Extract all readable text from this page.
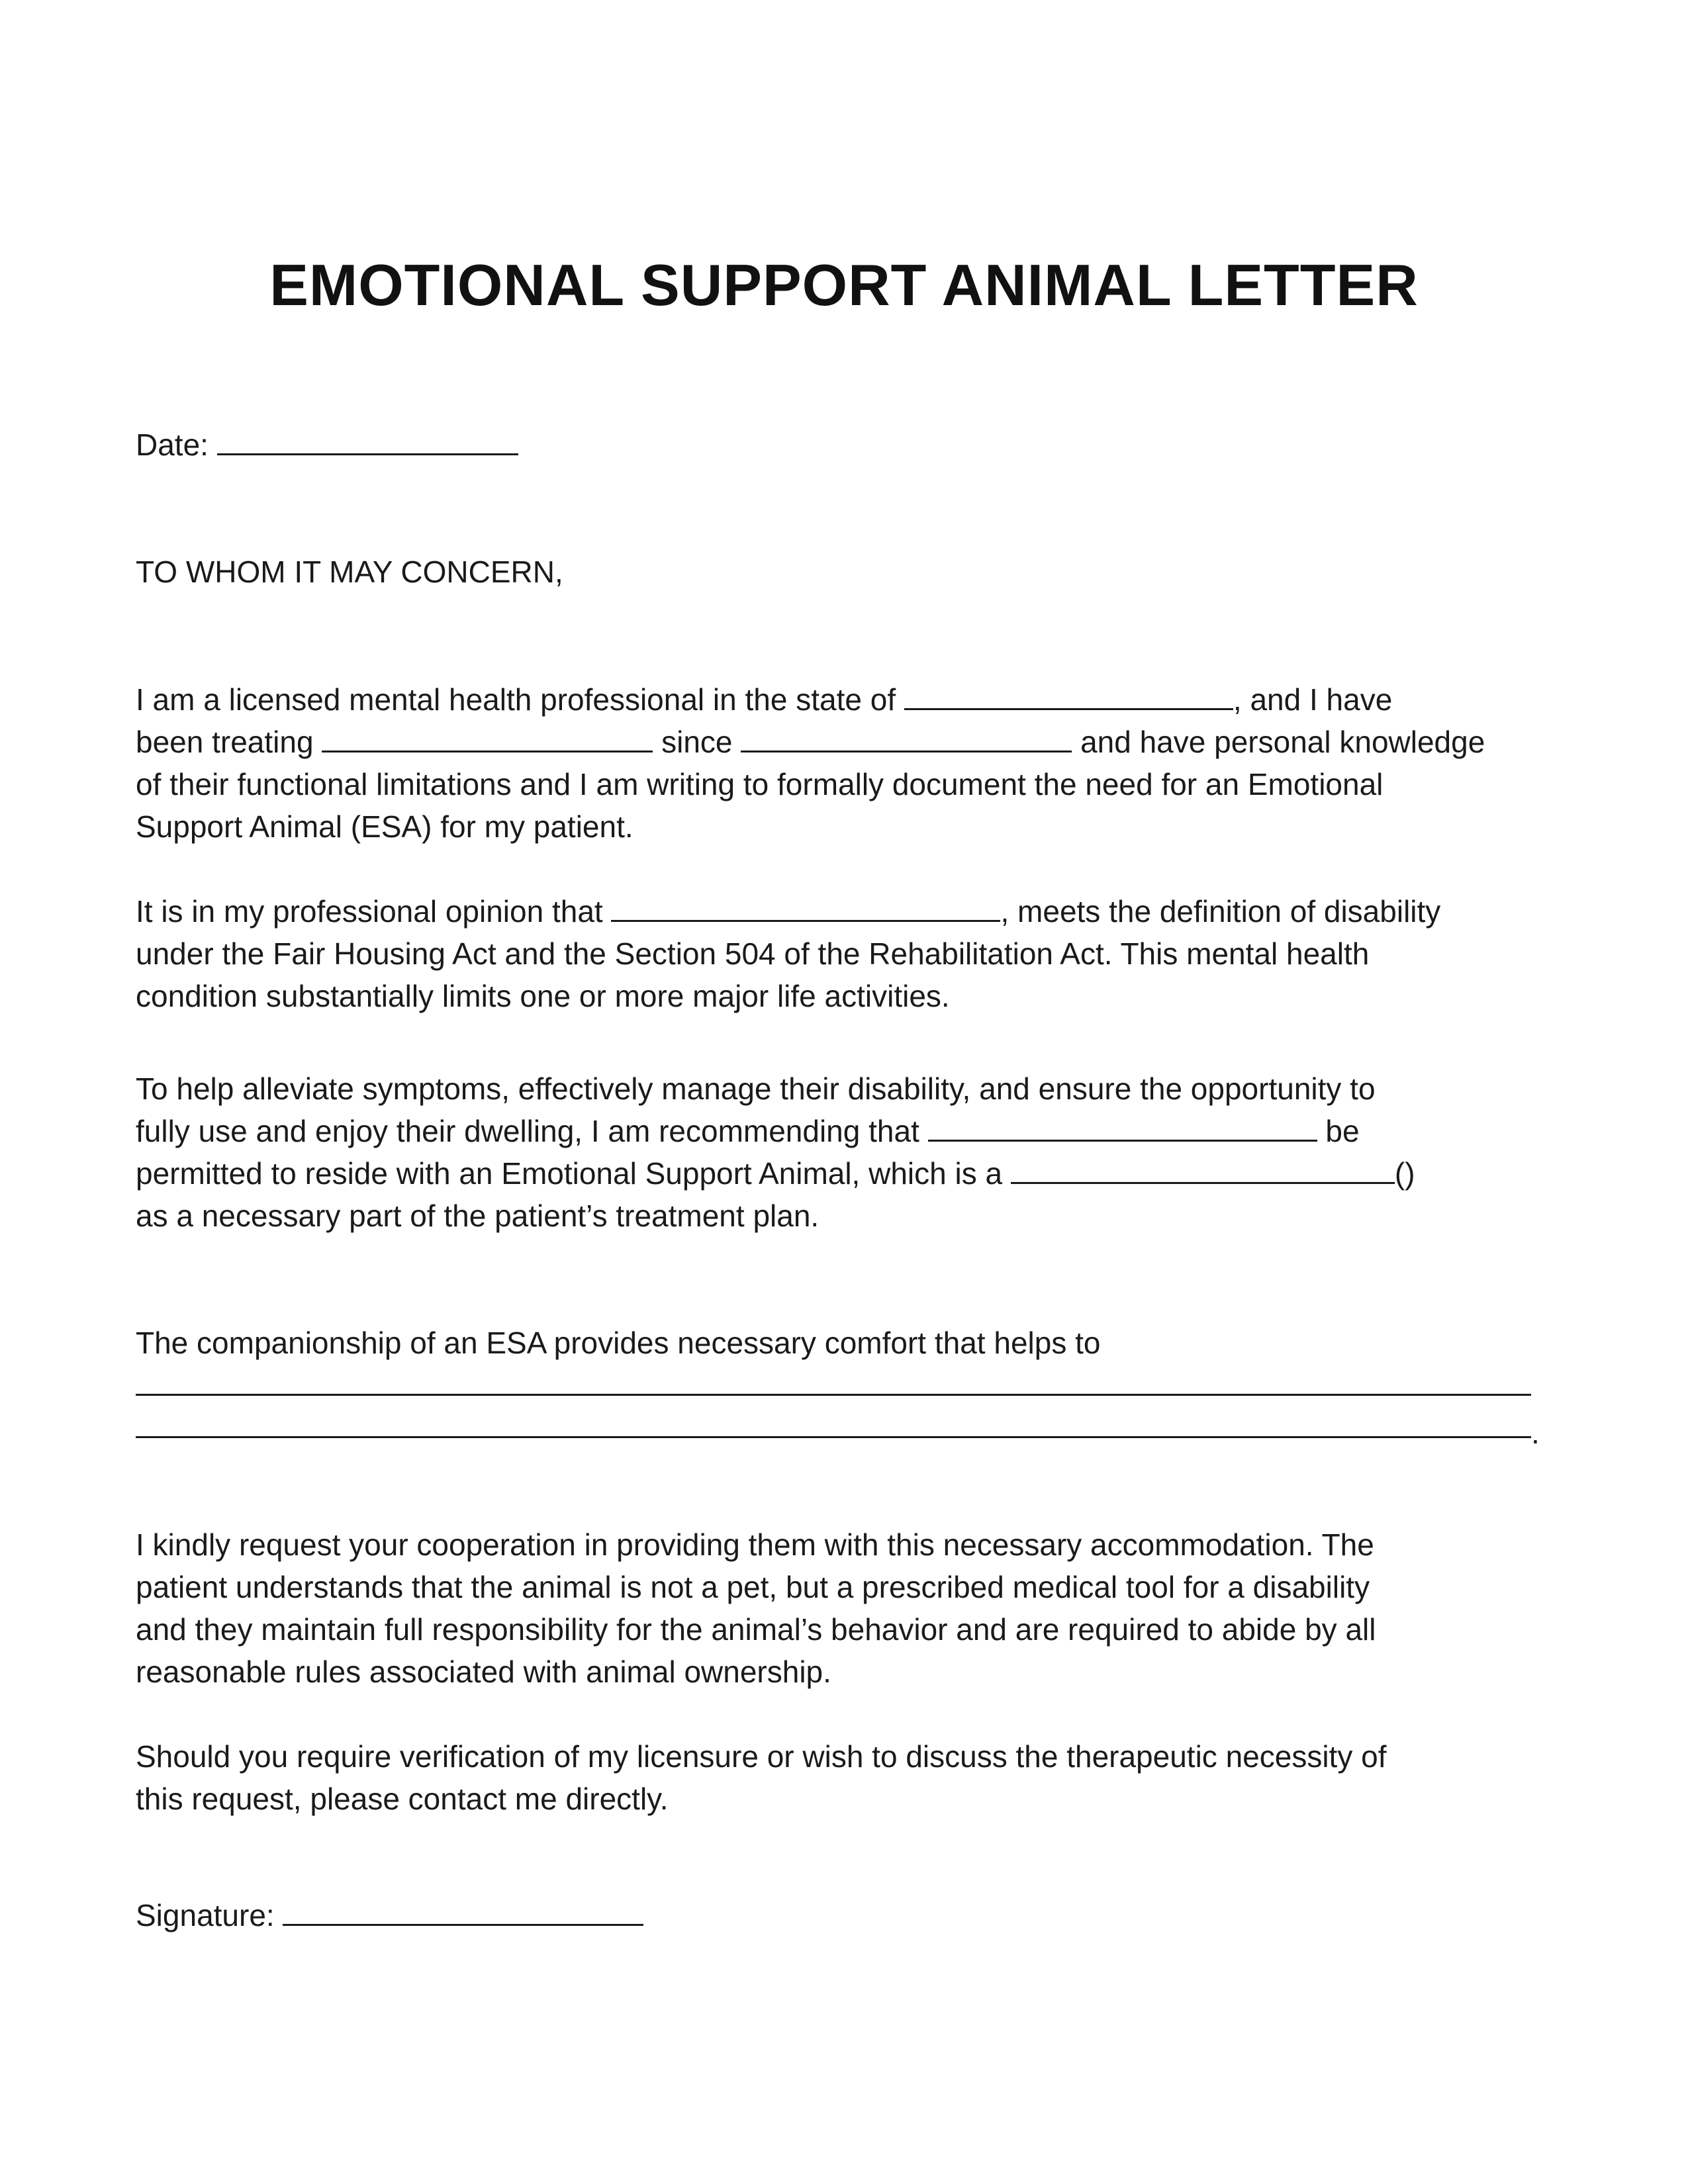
EMOTIONAL SUPPORT ANIMAL LETTER

Date:

TO WHOM IT MAY CONCERN,

I am a licensed mental health professional in the state of	, and I have
been treating	since	and have personal knowledge
of their functional limitations and I am writing to formally document the need for an Emotional
Support Animal (ESA) for my patient.
It is in my professional opinion that	, meets the definition of disability
under the Fair Housing Act and the Section 504 of the Rehabilitation Act. This mental health
condition substantially limits one or more major life activities.
To help alleviate symptoms, effectively manage their disability, and ensure the opportunity to
fully use and enjoy their dwelling, I am recommending that	be
permitted to reside with an Emotional Support Animal, which is a	()
as a necessary part of the patient’s treatment plan.

The companionship of an ESA provides necessary comfort that helps to

.
I kindly request your cooperation in providing them with this necessary accommodation. The
patient understands that the animal is not a pet, but a prescribed medical tool for a disability
and they maintain full responsibility for the animal’s behavior and are required to abide by all
reasonable rules associated with animal ownership.
Should you require verification of my licensure or wish to discuss the therapeutic necessity of
this request, please contact me directly.

Signature:
